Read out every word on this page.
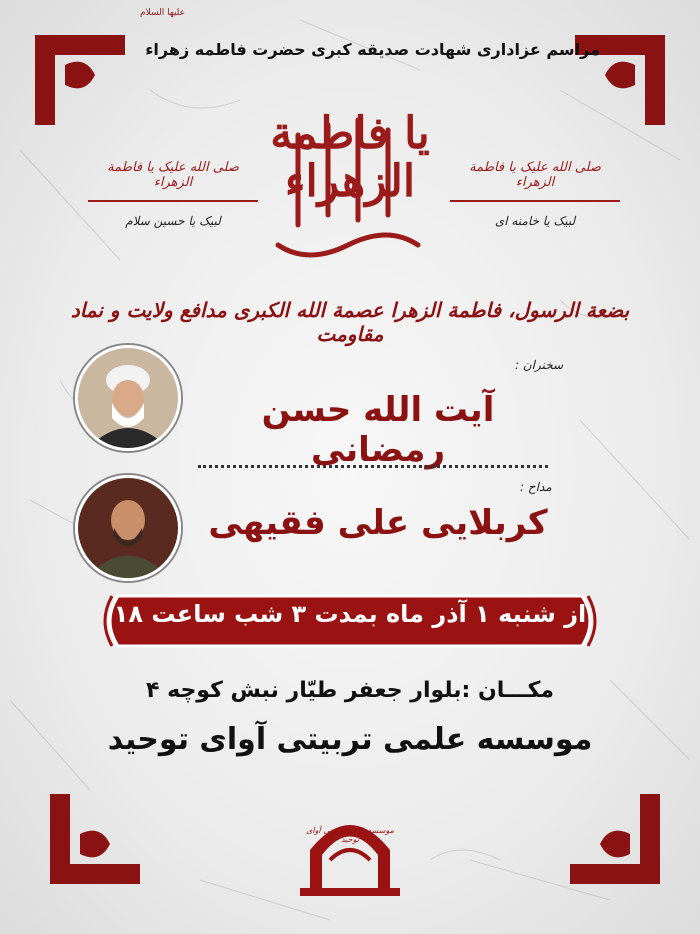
علیها السلام
مراسم عزاداری شهادت صدیقه کبری حضرت فاطمه زهراء
یا فاطمة الزهراء
صلی الله علیک یا فاطمة الزهراء
لبیک یا حسین سلام
صلی الله علیک یا فاطمة الزهراء
لبیک یا خامنه ای
بضعة الرسول، فاطمة الزهرا عصمة الله الکبری مدافع ولایت و نماد مقاومت
سخنران :
آیت الله حسن رمضانی
مداح :
کربلایی علی فقیهی
از شنبه ۱ آذر ماه بمدت ۳ شب ساعت ۱۸
مکـــان :بلوار جعفر طیّار نبش کوچه ۴
موسسه علمی تربیتی آوای توحید
موسسه علمی تربیتی آوای توحید
